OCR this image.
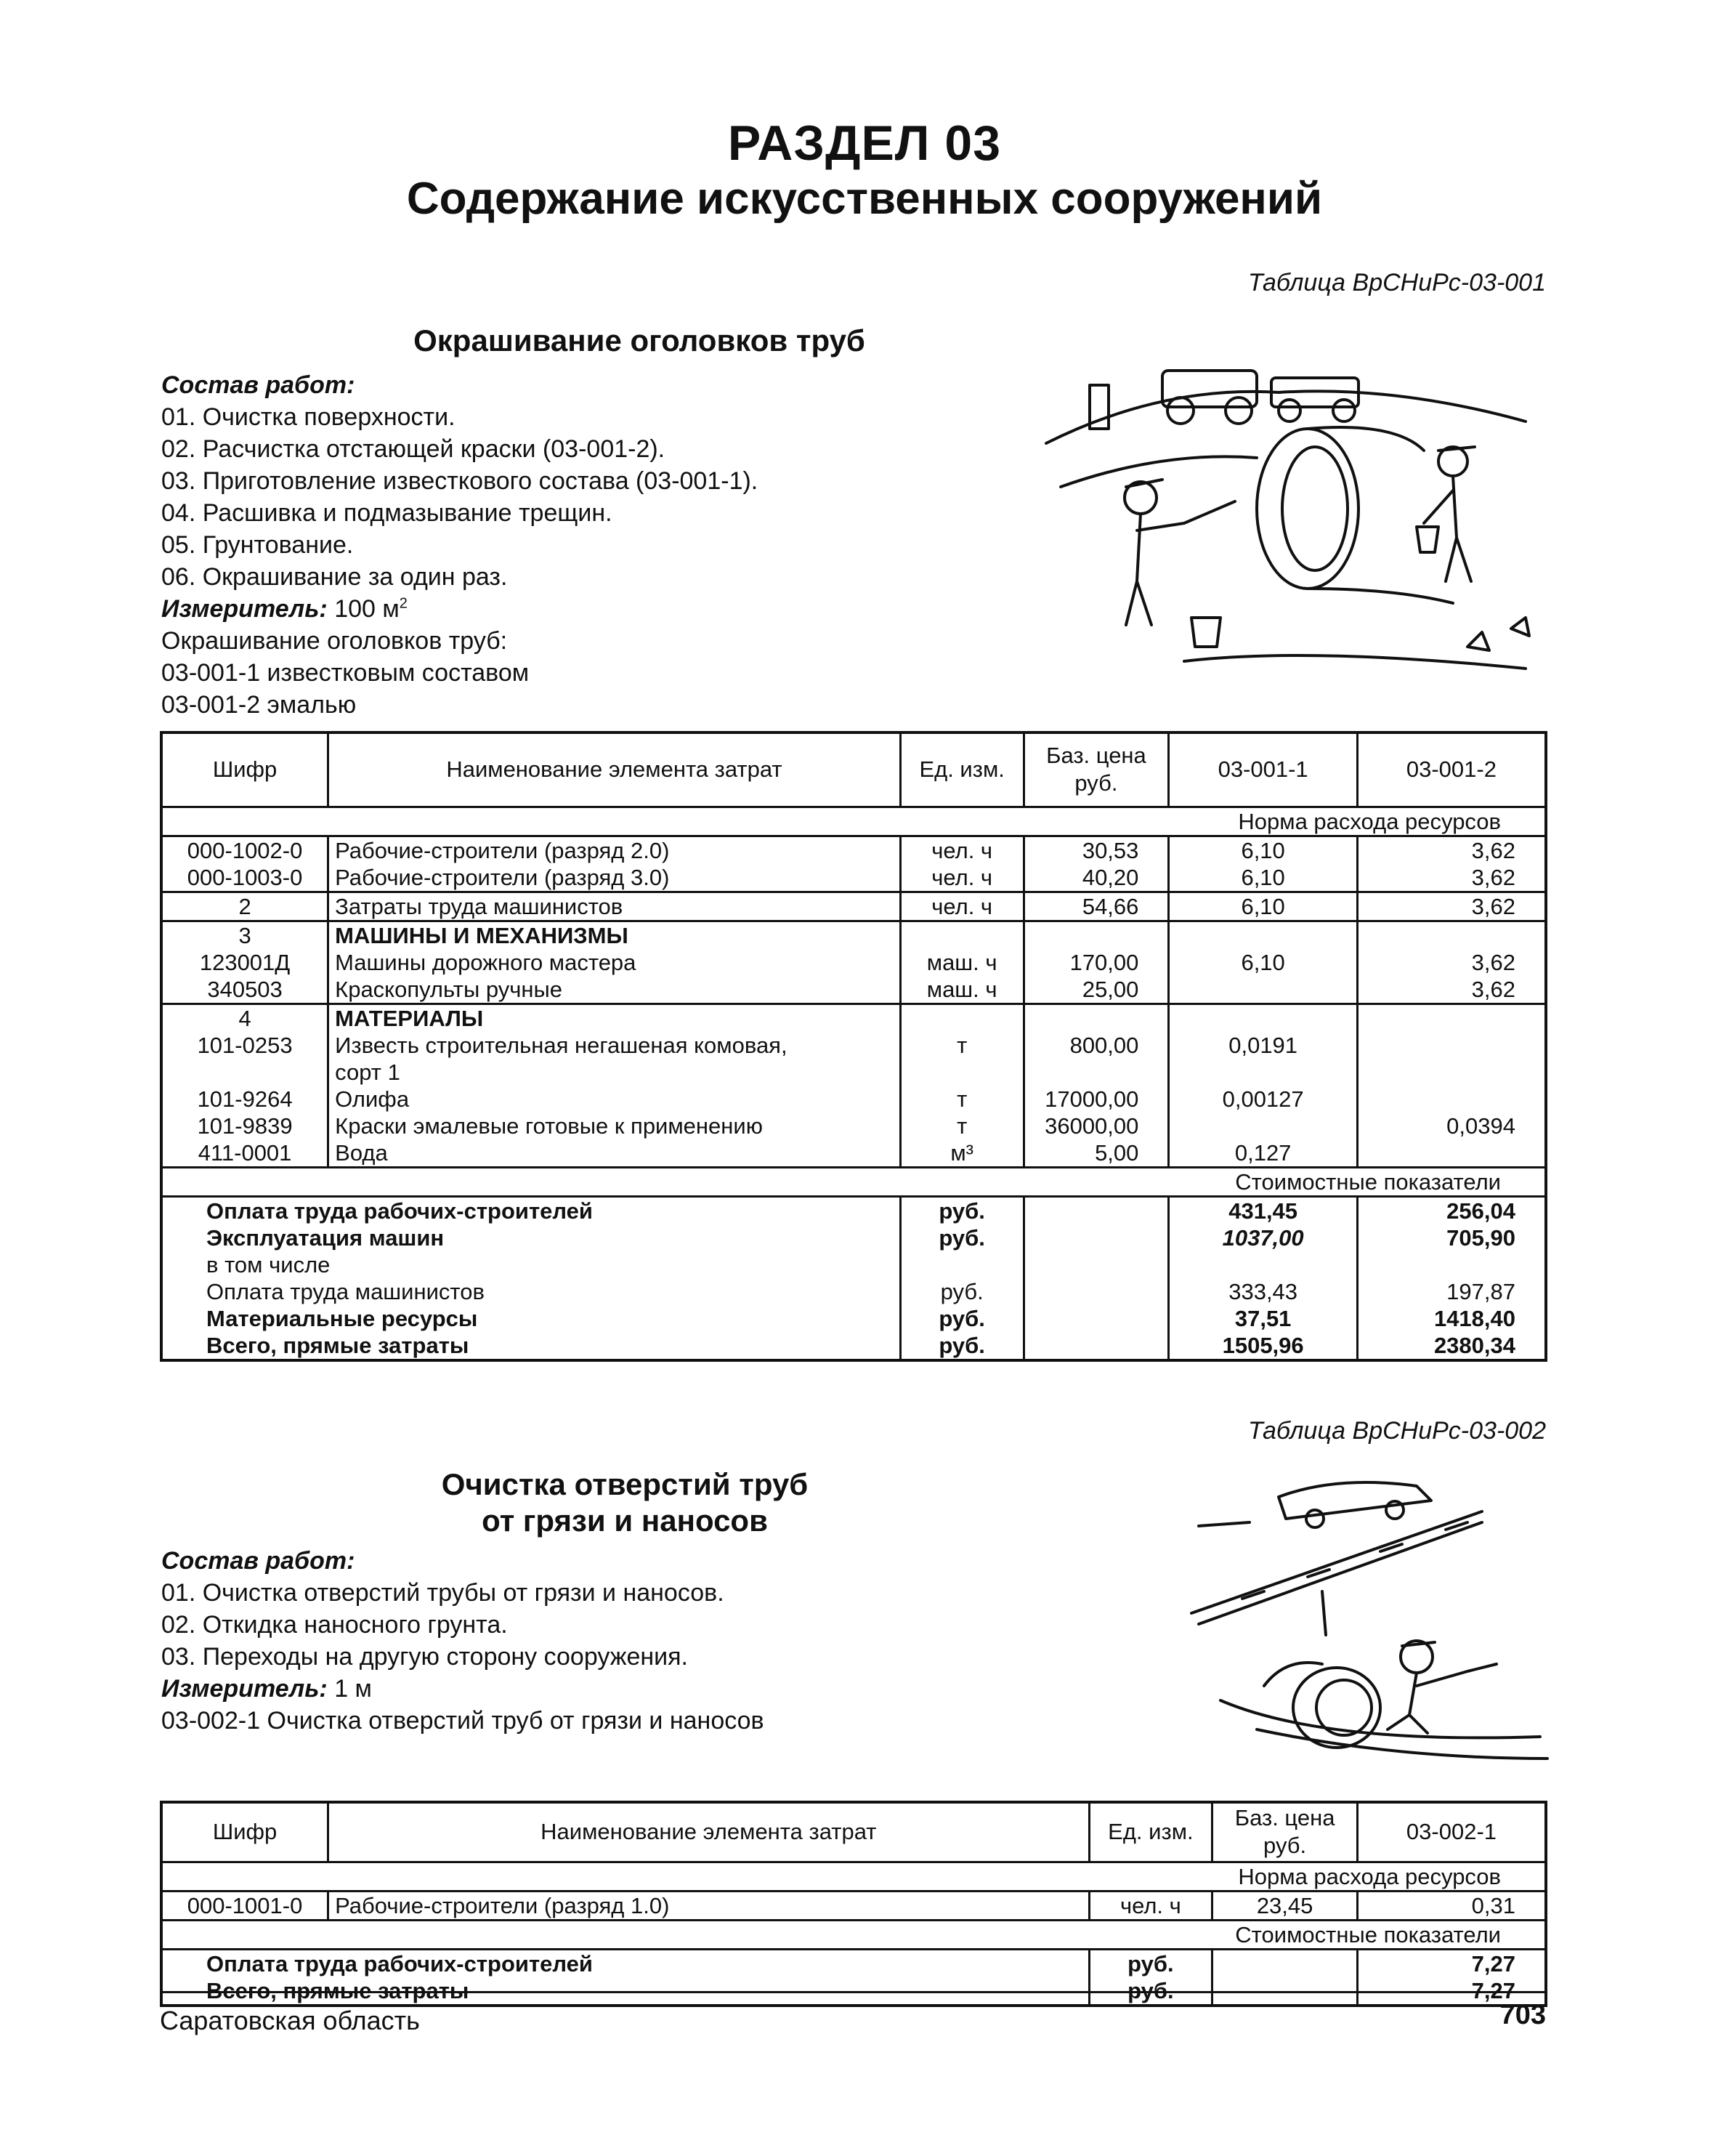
РАЗДЕЛ 03
Содержание искусственных сооружений
Таблица ВрСНиРс-03-001
Окрашивание оголовков труб
Состав работ:
01. Очистка поверхности.
02. Расчистка отстающей краски (03-001-2).
03. Приготовление известкового состава (03-001-1).
04. Расшивка и подмазывание трещин.
05. Грунтование.
06. Окрашивание за один раз.
Измеритель: 100 $м^2$
Окрашивание оголовков труб:
03-001-1 известковым составом
03-001-2 эмалью
Шифр	Наименование элемента затрат	Ед. изм.	Баз. цена руб.	03-001-1	03-001-2
Норма расхода ресурсов					
000-1002-0	Рабочие-строители (разряд 2.0)	чел. ч	30,53	6,10	3,62
000-1003-0	Рабочие-строители (разряд 3.0)	чел. ч	40,20	6,10	3,62
2	Затраты труда машинистов	чел. ч	54,66	6,10	3,62
3	МАШИНЫ И МЕХАНИЗМЫ				
123001Д	Машины дорожного мастера	маш. ч	170,00	6,10	3,62
340503	Краскопульты ручные	маш. ч	25,00		3,62
4	МАТЕРИАЛЫ				
101-0253	Известь строительная негашеная комовая,	т	800,00	0,0191	
	сорт 1				
101-9264	Олифа	т	17000,00	0,00127	
101-9839	Краски эмалевые готовые к применению	т	36000,00		0,0394
411-0001	Вода	м³	5,00	0,127	
Стоимостные показатели					
Оплата труда рабочих-строителей		руб.		431,45	256,04
Эксплуатация машин		руб.		1037,00	705,90
в том числе					
Оплата труда машинистов		руб.		333,43	197,87
Материальные ресурсы		руб.		37,51	1418,40
Всего, прямые затраты		руб.		1505,96	2380,34
Таблица ВрСНиРс-03-002
Очистка отверстий труб
от грязи и наносов
Состав работ:
01. Очистка отверстий трубы от грязи и наносов.
02. Откидка наносного грунта.
03. Переходы на другую сторону сооружения.
Измеритель: 1 м
03-002-1 Очистка отверстий труб от грязи и наносов
Шифр	Наименование элемента затрат	Ед. изм.	Баз. цена руб.	03-002-1
Норма расхода ресурсов				
000-1001-0	Рабочие-строители (разряд 1.0)	чел. ч	23,45	0,31
Стоимостные показатели				
Оплата труда рабочих-строителей		руб.		7,27
Всего, прямые затраты		руб.		7,27
Саратовская область	703
